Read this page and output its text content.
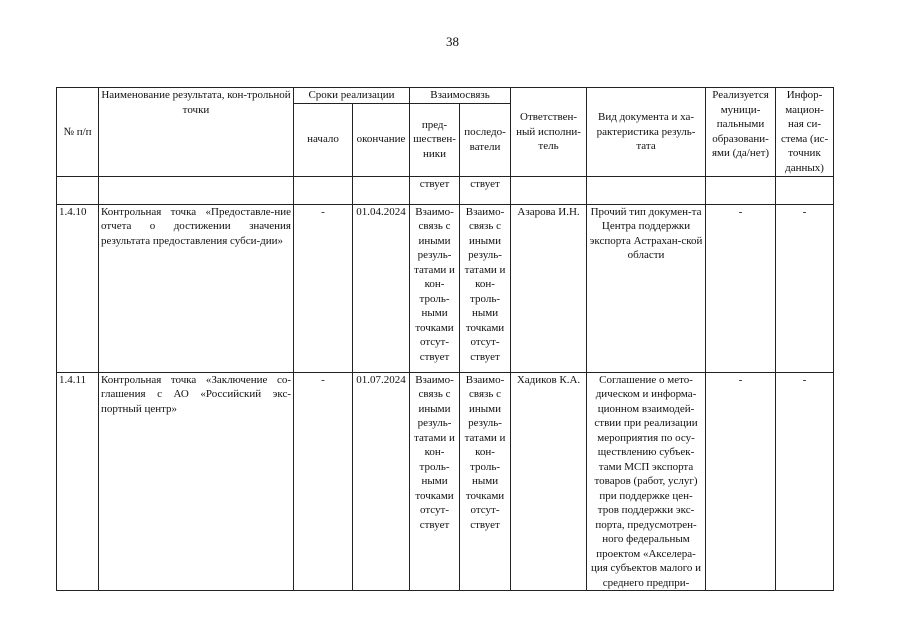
38
№ п/п	Наименование результата, кон-трольной точки	Сроки реализации		Взаимосвязь		Ответствен-ный исполни-тель	Вид документа и ха-рактеристика резуль-тата	Реализуется муници-пальными образовани-ями (да/нет)	Инфор-мацион-ная си-стема (ис-точник данных)
		начало	окончание	пред-шествен-ники	последо-ватели				
				ствует	ствует				
1.4.10	Контрольная точка «Предоставле-ние отчета о достижении значения результата предоставления субси-дии»	-	01.04.2024	Взаимо-связь с иными резуль-татами и кон-троль-ными точками отсут-ствует	Взаимо-связь с иными резуль-татами и кон-троль-ными точками отсут-ствует	Азарова И.Н.	Прочий тип докумен-та Центра поддержки экспорта Астрахан-ской области	-	-
1.4.11	Контрольная точка «Заключение со-глашения с АО «Российский экс-портный центр»	-	01.07.2024	Взаимо-связь с иными резуль-татами и кон-троль-ными точками отсут-ствует	Взаимо-связь с иными резуль-татами и кон-троль-ными точками отсут-ствует	Хадиков К.А.	Соглашение о мето-дическом и информа-ционном взаимодей-ствии при реализации мероприятия по осу-ществлению субъек-тами МСП экспорта товаров (работ, услуг) при поддержке цен-тров поддержки экс-порта, предусмотрен-ного федеральным проектом «Акселера-ция субъектов малого и среднего предпри-	-	-
